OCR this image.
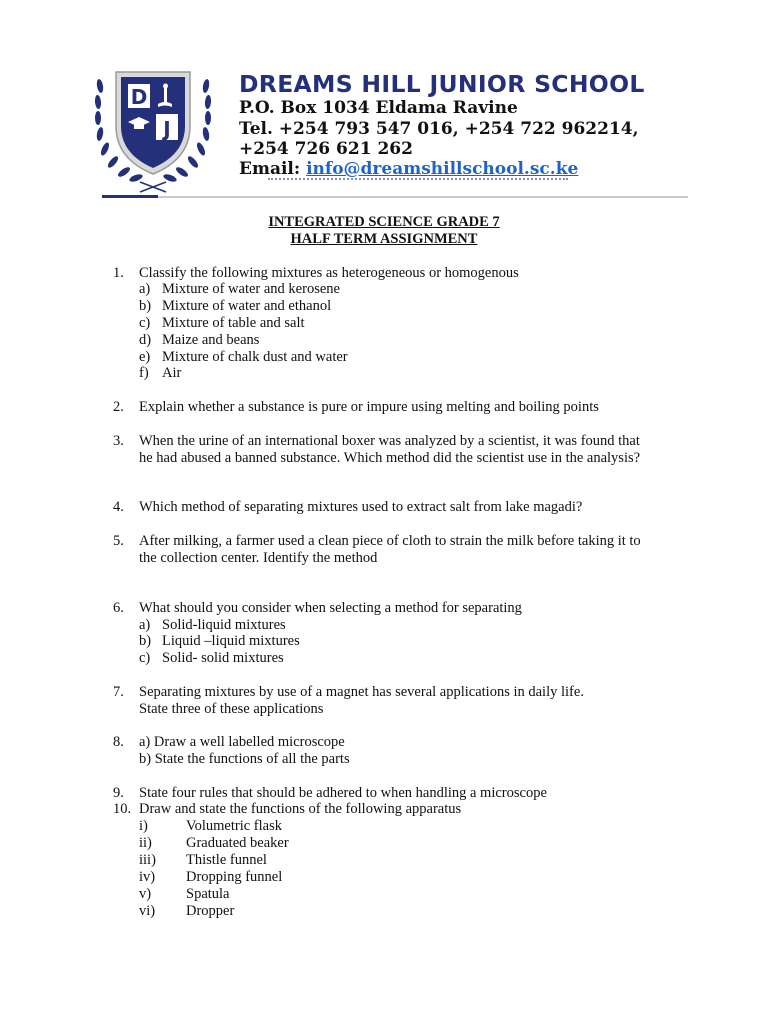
D
J
DREAMS HILL JUNIOR SCHOOL
P.O. Box 1034 Eldama Ravine
Tel. +254 793 547 016, +254 722 962214,
+254 726 621 262
Email: info@dreamshillschool.sc.ke
INTEGRATED SCIENCE GRADE 7
HALF TERM ASSIGNMENT
1.	Classify the following mixtures as heterogeneous or homogenous
a) Mixture of water and kerosene
b) Mixture of water and ethanol
c) Mixture of table and salt
d) Maize and beans
e) Mixture of chalk dust and water
f) Air
2.	Explain whether a substance is pure or impure using melting and boiling points
3.	When the urine of an international boxer was analyzed by a scientist, it was found that
he had abused a banned substance. Which method did the scientist use in the analysis?
4.	Which method of separating mixtures used to extract salt from lake magadi?
5.	After milking, a farmer used a clean piece of cloth to strain the milk before taking it to
the collection center. Identify the method
6.	What should you consider when selecting a method for separating
a) Solid-liquid mixtures
b) Liquid –liquid mixtures
c) Solid- solid mixtures
7.	Separating mixtures by use of a magnet has several applications in daily life.
State three of these applications
8.	a) Draw a well labelled microscope
b) State the functions of all the parts
9.	State four rules that should be adhered to when handling a microscope
10. Draw and state the functions of the following apparatus
i)	Volumetric flask
ii) Graduated beaker
iii) Thistle funnel
iv) Dropping funnel
v) Spatula
vi) Dropper
